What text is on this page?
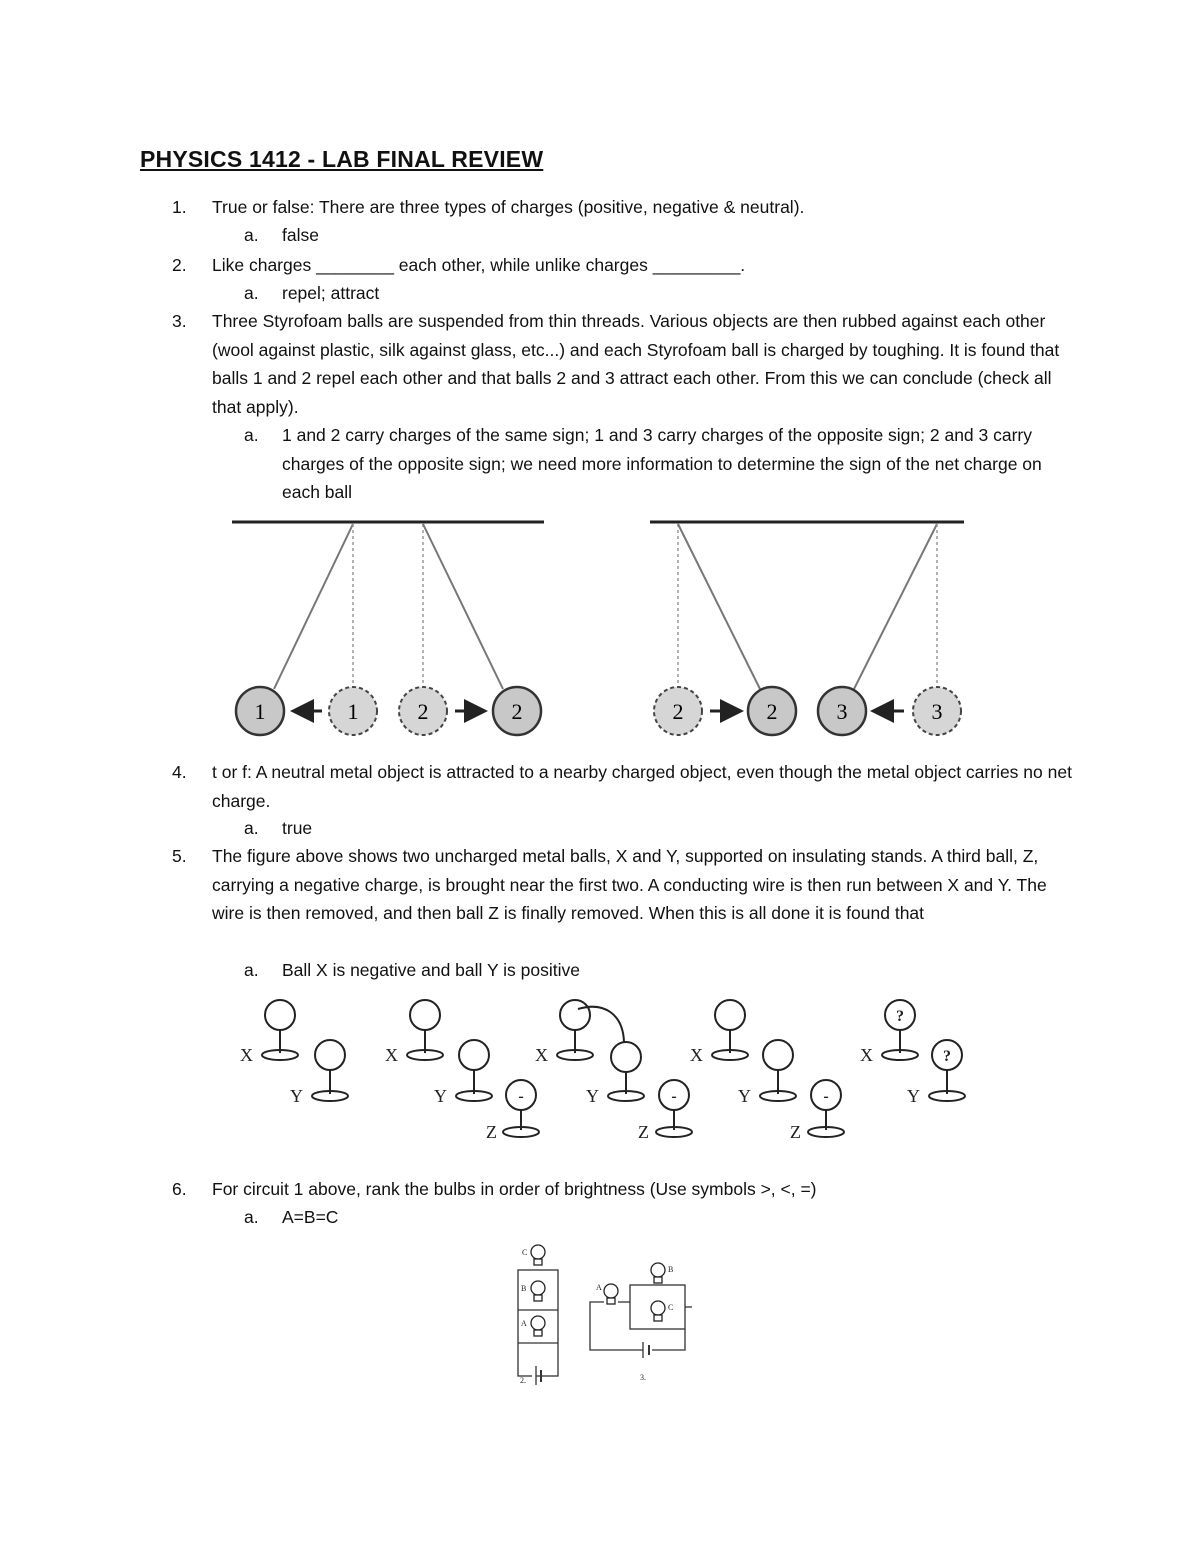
PHYSICS 1412 - LAB FINAL REVIEW
1.	True or false: There are three types of charges (positive, negative & neutral).
a.	false
2.	Like charges ________ each other, while unlike charges _________.
a.	repel; attract
3.	Three Styrofoam balls are suspended from thin threads. Various objects are then rubbed against each other (wool against plastic, silk against glass, etc...) and each Styrofoam ball is charged by toughing. It is found that balls 1 and 2 repel each other and that balls 2 and 3 attract each other. From this we can conclude (check all that apply).
a.	1 and 2 carry charges of the same sign; 1 and 3 carry charges of the opposite sign; 2 and 3 carry charges of the opposite sign; we need more information to determine the sign of the net charge on each ball
1	1	2	2	2	2	3	3
4.	t or f: A neutral metal object is attracted to a nearby charged object, even though the metal object carries no net charge.
a.	true
5.	The figure above shows two uncharged metal balls, X and Y, supported on insulating stands. A third ball, Z, carrying a negative charge, is brought near the first two. A conducting wire is then run between X and Y. The wire is then removed, and then ball Z is finally removed. When this is all done it is found that
a.	Ball X is negative and ball Y is positive
X
Y
X
Y
Z
X
Y
Z
X
Y
Z
X
Y
-	-	-
?
?
6.	For circuit 1 above, rank the bulbs in order of brightness (Use symbols >, <, =)
a.	A=B=C
C
B
A
A
B
C
2.	3.
